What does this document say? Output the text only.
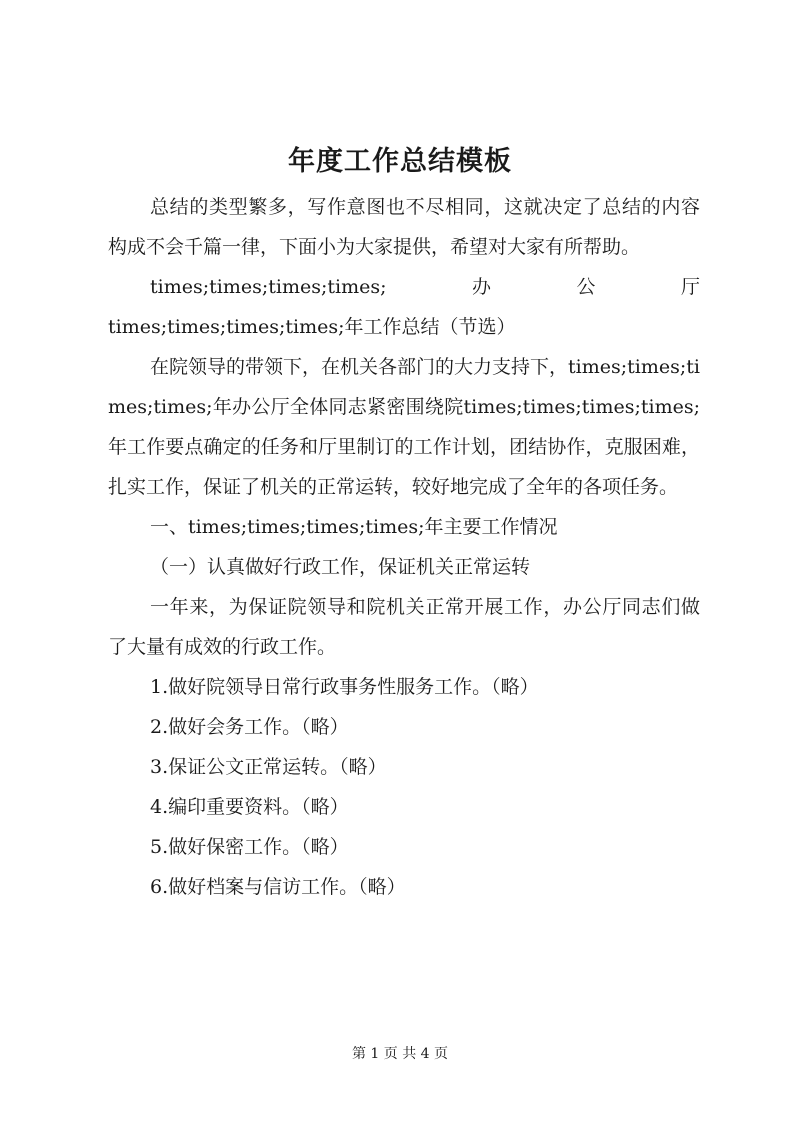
年度工作总结模板

总结的类型繁多，写作意图也不尽相同，这就决定了总结的内容构成不会千篇一律，下面小为大家提供，希望对大家有所帮助。

times;times;times;times;	办	公	厅

times;times;times;times;年工作总结（节选）

在院领导的带领下，在机关各部门的大力支持下，times;times;times;times;年办公厅全体同志紧密围绕院times;times;times;times;年工作要点确定的任务和厅里制订的工作计划，团结协作，克服困难，扎实工作，保证了机关的正常运转，较好地完成了全年的各项任务。

一、times;times;times;times;年主要工作情况

（一）认真做好行政工作，保证机关正常运转

一年来，为保证院领导和院机关正常开展工作，办公厅同志们做了大量有成效的行政工作。

1.做好院领导日常行政事务性服务工作。（略）

2.做好会务工作。（略）

3.保证公文正常运转。（略）

4.编印重要资料。（略）

5.做好保密工作。（略）

6.做好档案与信访工作。（略）

第 1 页 共 4 页
